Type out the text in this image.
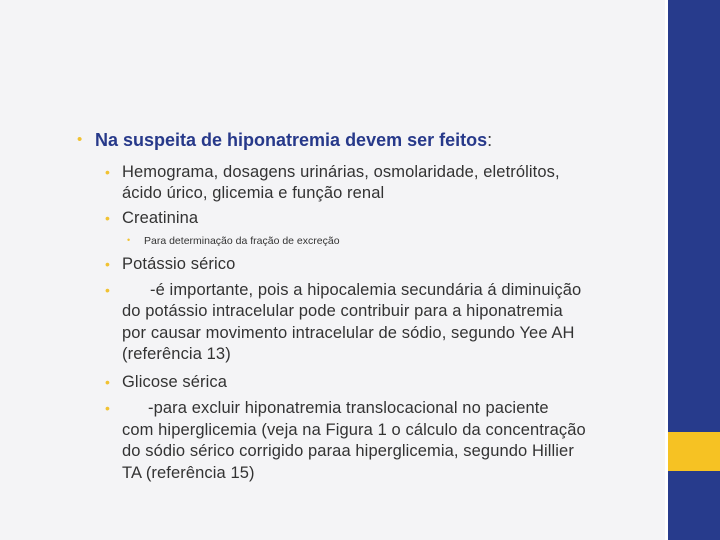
• Na suspeita de hiponatremia devem ser feitos:
• Hemograma, dosagens urinárias, osmolaridade, eletrólitos,
ácido úrico, glicemia e função renal
• Creatinina
• Para determinação da fração de excreção
• Potássio sérico
• -é importante, pois a hipocalemia secundária á diminuição
do potássio intracelular pode contribuir para a hiponatremia
por causar movimento intracelular de sódio, segundo Yee AH
(referência 13)
• Glicose sérica
• -para excluir hiponatremia translocacional no paciente
com hiperglicemia (veja na Figura 1 o cálculo da concentração
do sódio sérico corrigido paraa hiperglicemia, segundo Hillier
TA (referência 15)
